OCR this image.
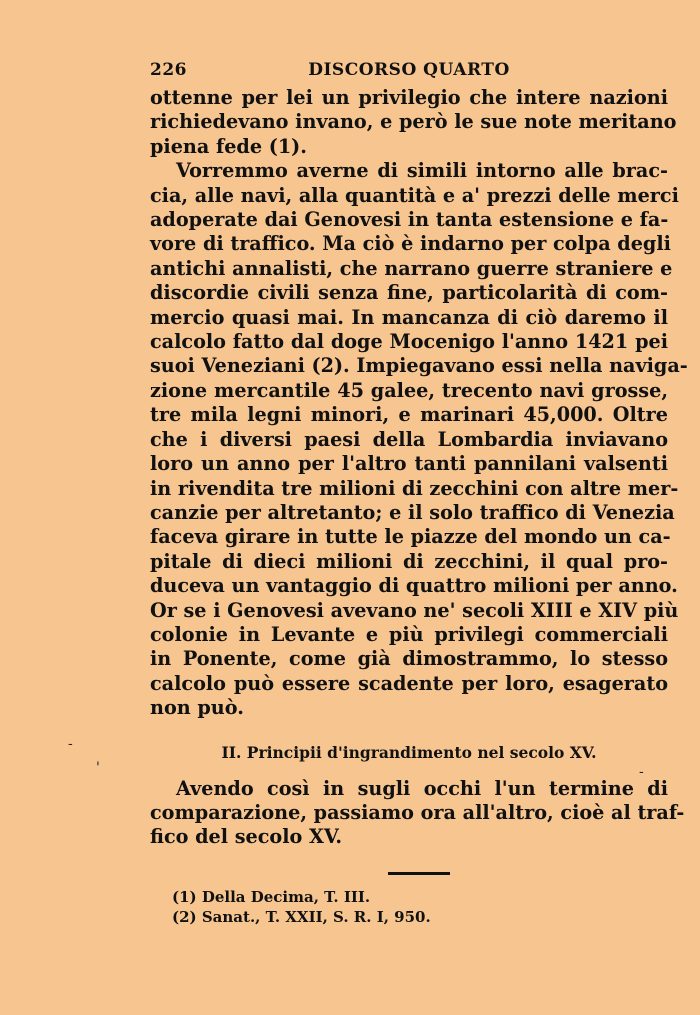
226	DISCORSO QUARTO
ottenne per lei un privilegio che intere nazioni
richiedevano invano, e però le sue note meritano
piena fede (1).
Vorremmo averne di simili intorno alle brac-
cia, alle navi, alla quantità e a' prezzi delle merci
adoperate dai Genovesi in tanta estensione e fa-
vore di traffico. Ma ciò è indarno per colpa degli
antichi annalisti, che narrano guerre straniere e
discordie civili senza fine, particolarità di com-
mercio quasi mai. In mancanza di ciò daremo il
calcolo fatto dal doge Mocenigo l'anno 1421 pei
suoi Veneziani (2). Impiegavano essi nella naviga-
zione mercantile 45 galee, trecento navi grosse,
tre mila legni minori, e marinari 45,000. Oltre
che i diversi paesi della Lombardia inviavano
loro un anno per l'altro tanti pannilani valsenti
in rivendita tre milioni di zecchini con altre mer-
canzie per altretanto; e il solo traffico di Venezia
faceva girare in tutte le piazze del mondo un ca-
pitale di dieci milioni di zecchini, il qual pro-
duceva un vantaggio di quattro milioni per anno.
Or se i Genovesi avevano ne' secoli XIII e XIV più
colonie in Levante e più privilegi commerciali
in Ponente, come già dimostrammo, lo stesso
calcolo può essere scadente per loro, esagerato
non può.
II. Principii d'ingrandimento nel secolo XV.
Avendo così in sugli occhi l'un termine di
comparazione, passiamo ora all'altro, cioè al traf-
fico del secolo XV.
(1) Della Decima, T. III.
(2) Sanat., T. XXII, S. R. I, 950.
-
'	-
